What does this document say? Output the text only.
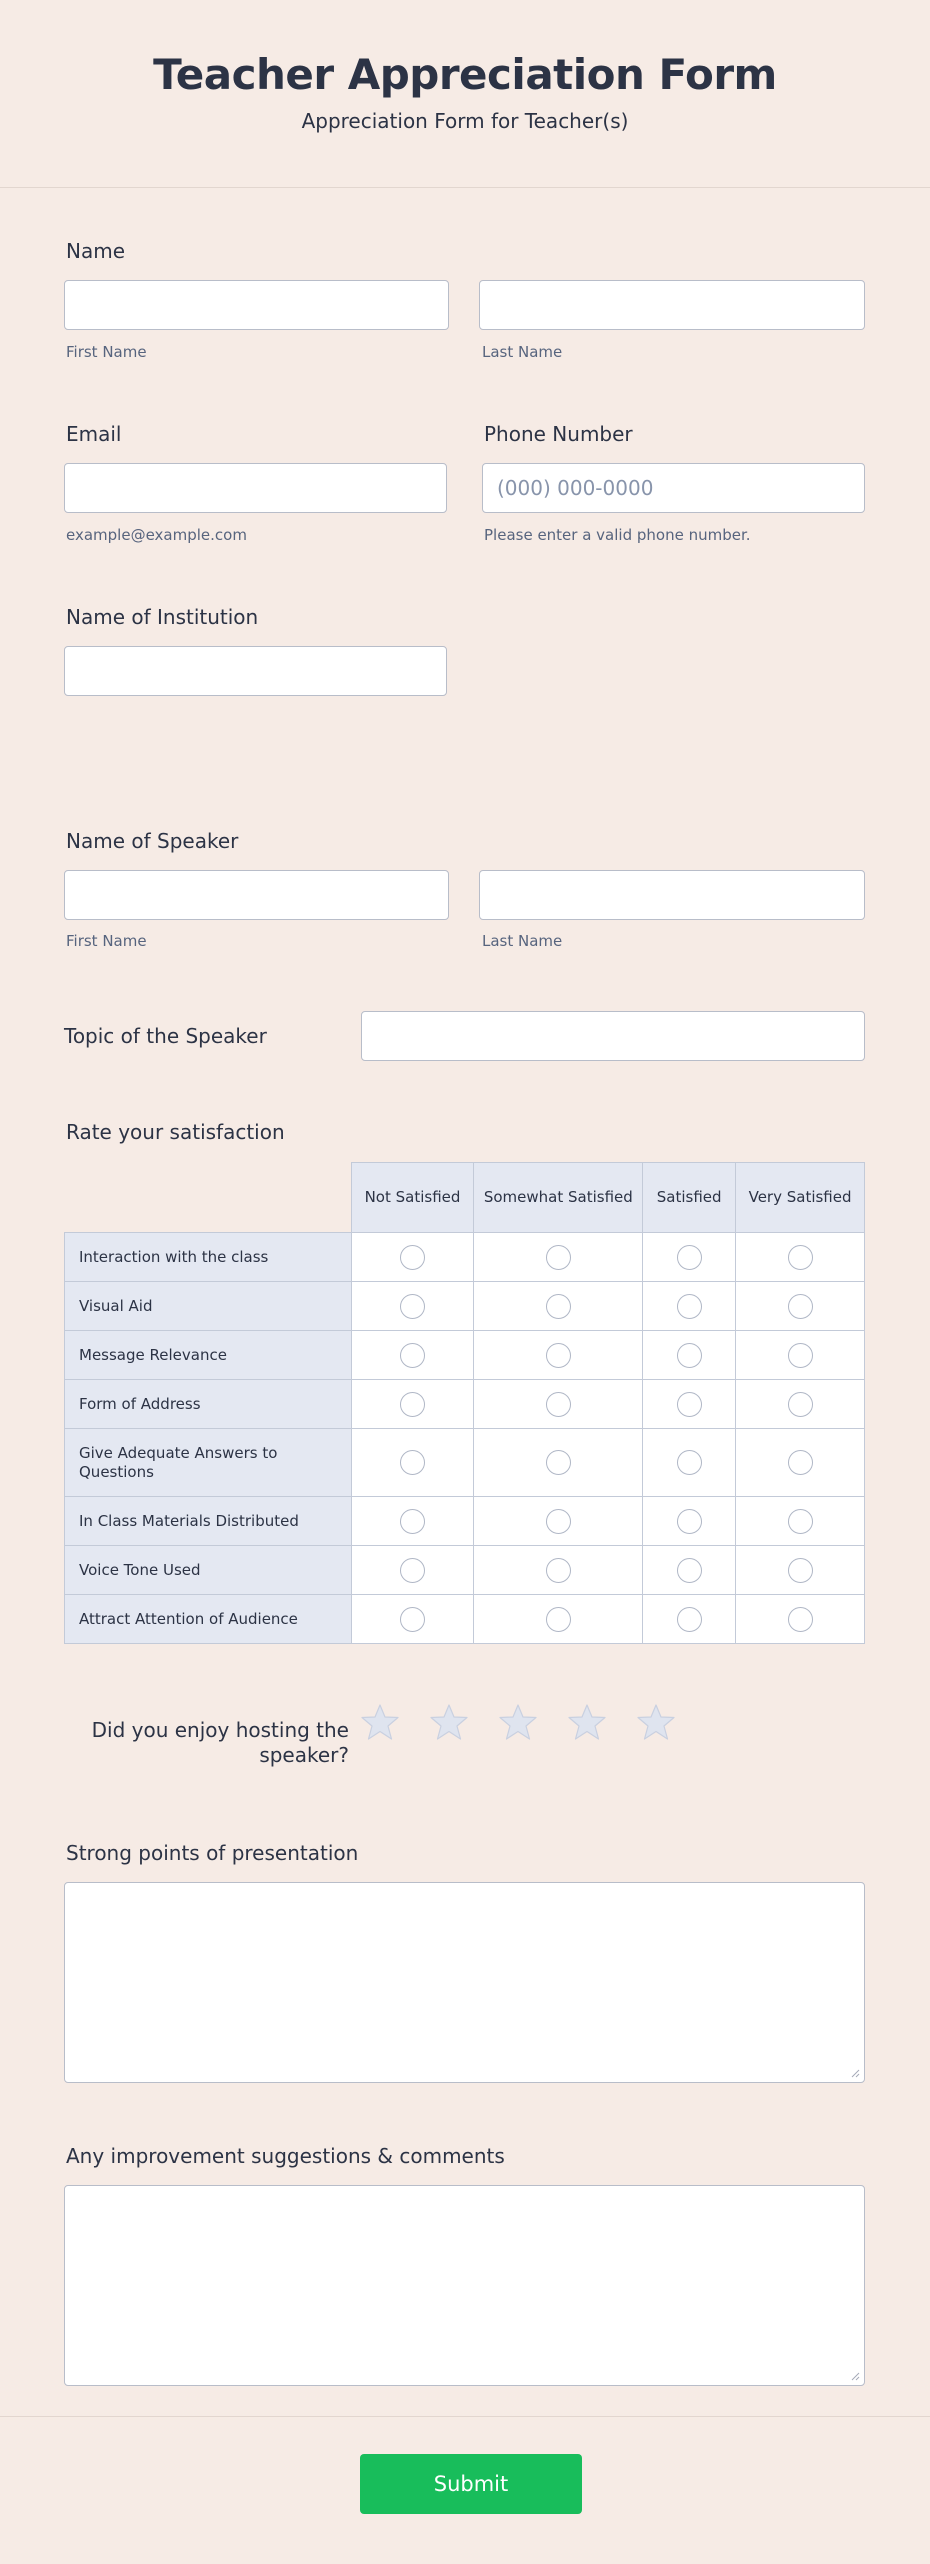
Teacher Appreciation Form
Appreciation Form for Teacher(s)
Name
First Name	Last Name
Email
example@example.com
Phone Number
(000) 000-0000
Please enter a valid phone number.
Name of Institution
Name of Speaker
First Name	Last Name
Topic of the Speaker
Rate your satisfaction
	Not Satisfied	Somewhat Satisfied	Satisfied	Very Satisfied
Interaction with the class				
Visual Aid				
Message Relevance				
Form of Address				
Give Adequate Answers to Questions				
In Class Materials Distributed				
Voice Tone Used				
Attract Attention of Audience				
Did you enjoy hosting the speaker?
Strong points of presentation
Any improvement suggestions & comments
Submit
